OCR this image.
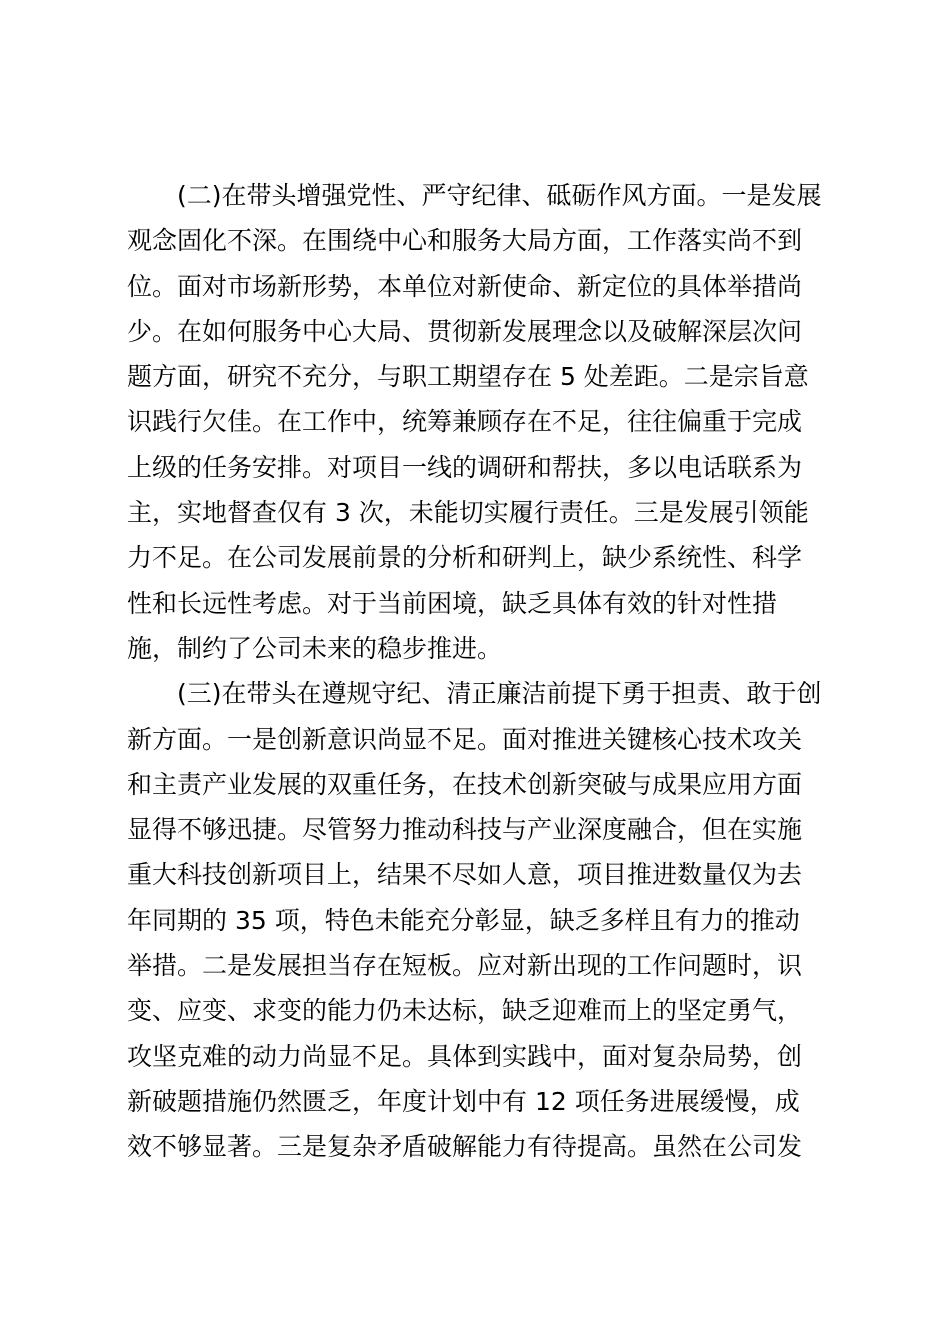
(二)在带头增强党性、严守纪律、砥砺作风方面。一是发展
观念固化不深。在围绕中心和服务大局方面，工作落实尚不到
位。面对市场新形势，本单位对新使命、新定位的具体举措尚
少。在如何服务中心大局、贯彻新发展理念以及破解深层次问
题方面，研究不充分，与职工期望存在 5 处差距。二是宗旨意
识践行欠佳。在工作中，统筹兼顾存在不足，往往偏重于完成
上级的任务安排。对项目一线的调研和帮扶，多以电话联系为
主，实地督查仅有 3 次，未能切实履行责任。三是发展引领能
力不足。在公司发展前景的分析和研判上，缺少系统性、科学
性和长远性考虑。对于当前困境，缺乏具体有效的针对性措
施，制约了公司未来的稳步推进。
(三)在带头在遵规守纪、清正廉洁前提下勇于担责、敢于创
新方面。一是创新意识尚显不足。面对推进关键核心技术攻关
和主责产业发展的双重任务，在技术创新突破与成果应用方面
显得不够迅捷。尽管努力推动科技与产业深度融合，但在实施
重大科技创新项目上，结果不尽如人意，项目推进数量仅为去
年同期的 35 项，特色未能充分彰显，缺乏多样且有力的推动
举措。二是发展担当存在短板。应对新出现的工作问题时，识
变、应变、求变的能力仍未达标，缺乏迎难而上的坚定勇气，
攻坚克难的动力尚显不足。具体到实践中，面对复杂局势，创
新破题措施仍然匮乏，年度计划中有 12 项任务进展缓慢，成
效不够显著。三是复杂矛盾破解能力有待提高。虽然在公司发
